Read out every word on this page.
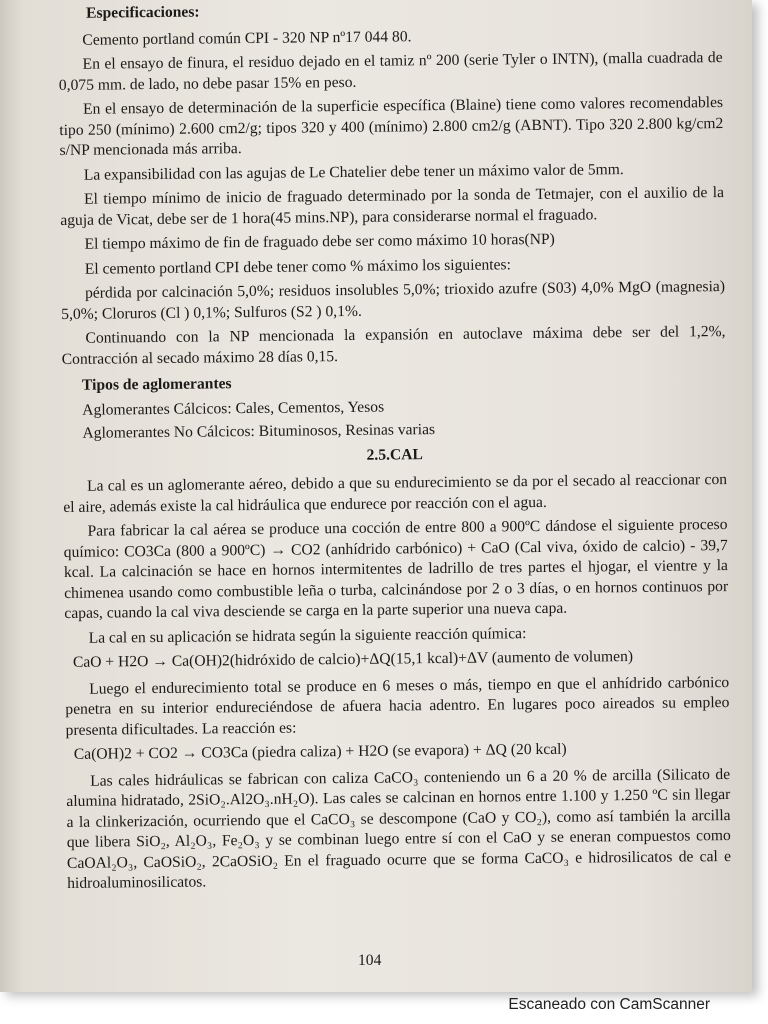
Especificaciones:

Cemento portland común CPI - 320 NP nº17 044 80.

En el ensayo de finura, el residuo dejado en el tamiz nº 200 (serie Tyler o INTN), (malla cuadrada de 0,075 mm. de lado, no debe pasar 15% en peso.

En el ensayo de determinación de la superficie específica (Blaine) tiene como valores recomendables tipo 250 (mínimo) 2.600 cm2/g; tipos 320 y 400 (mínimo) 2.800 cm2/g (ABNT). Tipo 320 2.800 kg/cm2 s/NP mencionada más arriba.

La expansibilidad con las agujas de Le Chatelier debe tener un máximo valor de 5mm.

El tiempo mínimo de inicio de fraguado determinado por la sonda de Tetmajer, con el auxilio de la aguja de Vicat, debe ser de 1 hora(45 mins.NP), para considerarse normal el fraguado.

El tiempo máximo de fin de fraguado debe ser como máximo 10 horas(NP)

El cemento portland CPI debe tener como % máximo los siguientes:

pérdida por calcinación 5,0%; residuos insolubles 5,0%; trioxido azufre (S03) 4,0% MgO (magnesia) 5,0%; Cloruros (Cl ) 0,1%; Sulfuros (S2 ) 0,1%.

Continuando con la NP mencionada la expansión en autoclave máxima debe ser del 1,2%, Contracción al secado máximo 28 días 0,15.

Tipos de aglomerantes

Aglomerantes Cálcicos: Cales, Cementos, Yesos

Aglomerantes No Cálcicos: Bituminosos, Resinas varias

2.5.CAL

La cal es un aglomerante aéreo, debido a que su endurecimiento se da por el secado al reaccionar con el aire, además existe la cal hidráulica que endurece por reacción con el agua.

Para fabricar la cal aérea se produce una cocción de entre 800 a 900ºC dándose el siguiente proceso químico: CO3Ca (800 a 900ºC) → CO2 (anhídrido carbónico) + CaO (Cal viva, óxido de calcio) - 39,7 kcal. La calcinación se hace en hornos intermitentes de ladrillo de tres partes el hjogar, el vientre y la chimenea usando como combustible leña o turba, calcinándose por 2 o 3 días, o en hornos continuos por capas, cuando la cal viva desciende se carga en la parte superior una nueva capa.

La cal en su aplicación se hidrata según la siguiente reacción química:

CaO + H2O → Ca(OH)2(hidróxido de calcio)+ΔQ(15,1 kcal)+ΔV (aumento de volumen)

Luego el endurecimiento total se produce en 6 meses o más, tiempo en que el anhídrido carbónico penetra en su interior endureciéndose de afuera hacia adentro. En lugares poco aireados su empleo presenta dificultades. La reacción es:

Ca(OH)2 + CO2 → CO3Ca (piedra caliza) + H2O (se evapora) + ΔQ (20 kcal)

Las cales hidráulicas se fabrican con caliza CaCO₃ conteniendo un 6 a 20 % de arcilla (Silicato de alumina hidratado, 2SiO₂.Al2O₃.nH₂O). Las cales se calcinan en hornos entre 1.100 y 1.250 ºC sin llegar a la clinkerización, ocurriendo que el CaCO₃ se descompone (CaO y CO₂), como así también la arcilla que libera SiO₂, Al₂O₃, Fe₂O₃ y se combinan luego entre sí con el CaO y se eneran compuestos como CaOAl₂O₃, CaOSiO₂, 2CaOSiO₂ En el fraguado ocurre que se forma CaCO₃ e hidrosilicatos de cal e hidroaluminosilicatos.

104
Escaneado con CamScanner
